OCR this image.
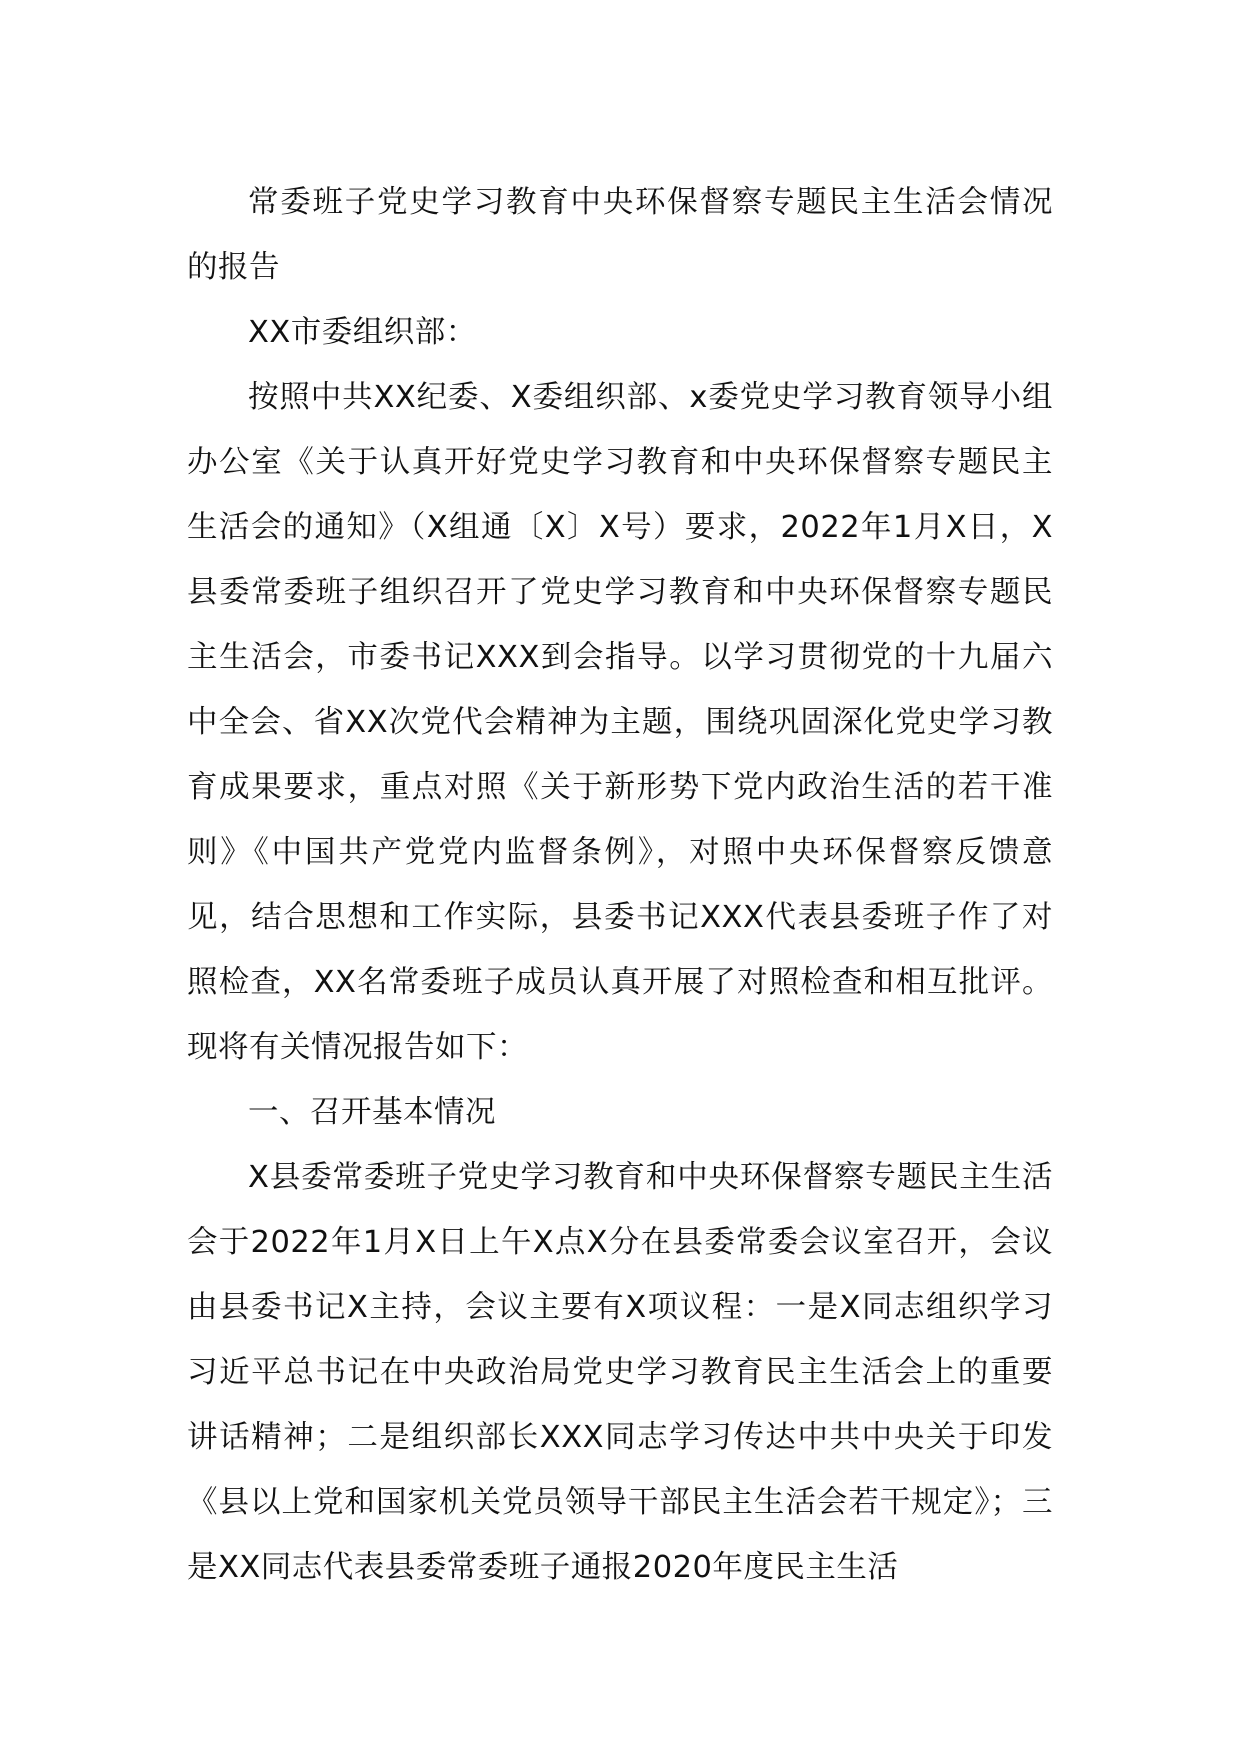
常委班子党史学习教育中央环保督察专题民主生活会情况的报告

XX市委组织部：

按照中共XX纪委、X委组织部、x委党史学习教育领导小组办公室《关于认真开好党史学习教育和中央环保督察专题民主生活会的通知》（X组通〔X〕X号）要求，2022年1月X日，X县委常委班子组织召开了党史学习教育和中央环保督察专题民主生活会，市委书记XXX到会指导。以学习贯彻党的十九届六中全会、省XX次党代会精神为主题，围绕巩固深化党史学习教育成果要求，重点对照《关于新形势下党内政治生活的若干准则》《中国共产党党内监督条例》，对照中央环保督察反馈意见，结合思想和工作实际，县委书记XXX代表县委班子作了对照检查，XX名常委班子成员认真开展了对照检查和相互批评。现将有关情况报告如下：

一、召开基本情况

X县委常委班子党史学习教育和中央环保督察专题民主生活会于2022年1月X日上午X点X分在县委常委会议室召开，会议由县委书记X主持，会议主要有X项议程：一是X同志组织学习习近平总书记在中央政治局党史学习教育民主生活会上的重要讲话精神；二是组织部长XXX同志学习传达中共中央关于印发《县以上党和国家机关党员领导干部民主生活会若干规定》；三是XX同志代表县委常委班子通报2020年度民主生活
